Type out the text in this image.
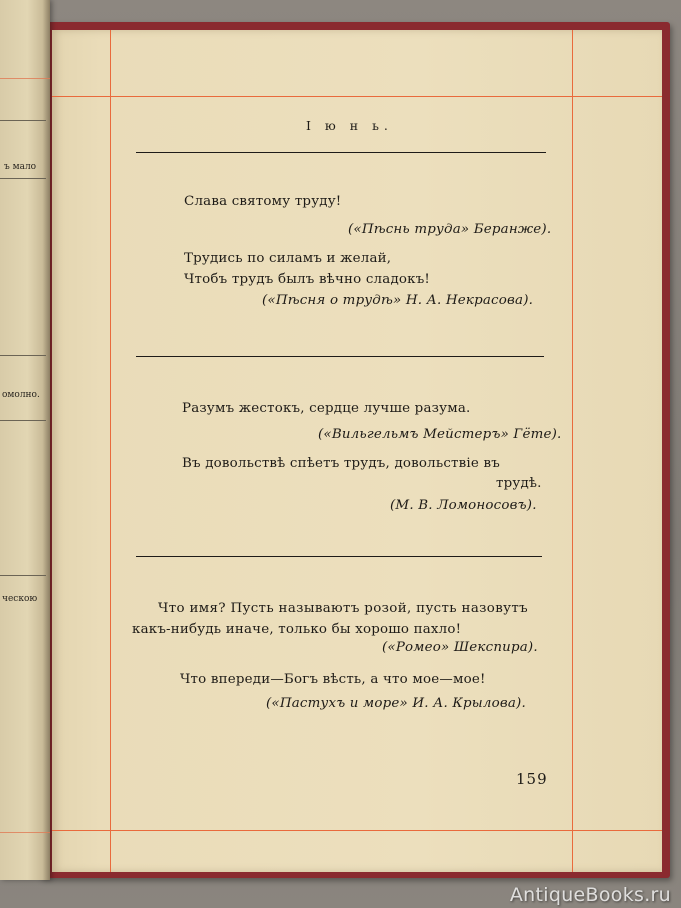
ъ мало
омолно.
ческою
І ю н ь.
Слава святому труду!
(«Пѣснь труда» Беранже).
Трудись по силамъ и желай,
Чтобъ трудъ былъ вѣчно сладокъ!
(«Пѣсня о трудѣ» Н. А. Некрасова).
Разумъ жестокъ, сердце лучше разума.
(«Вильгельмъ Мейстеръ» Гёте).
Въ довольствѣ спѣетъ трудъ, довольствіе въ
трудѣ.
(М. В. Ломоносовъ).
Что имя? Пусть называютъ розой, пусть назовутъ
какъ-нибудь иначе, только бы хорошо пахло!
(«Ромео» Шекспира).
Что впереди—Богъ вѣсть, а что мое—мое!
(«Пастухъ и море» И. А. Крылова).
159
AntiqueBooks.ru
